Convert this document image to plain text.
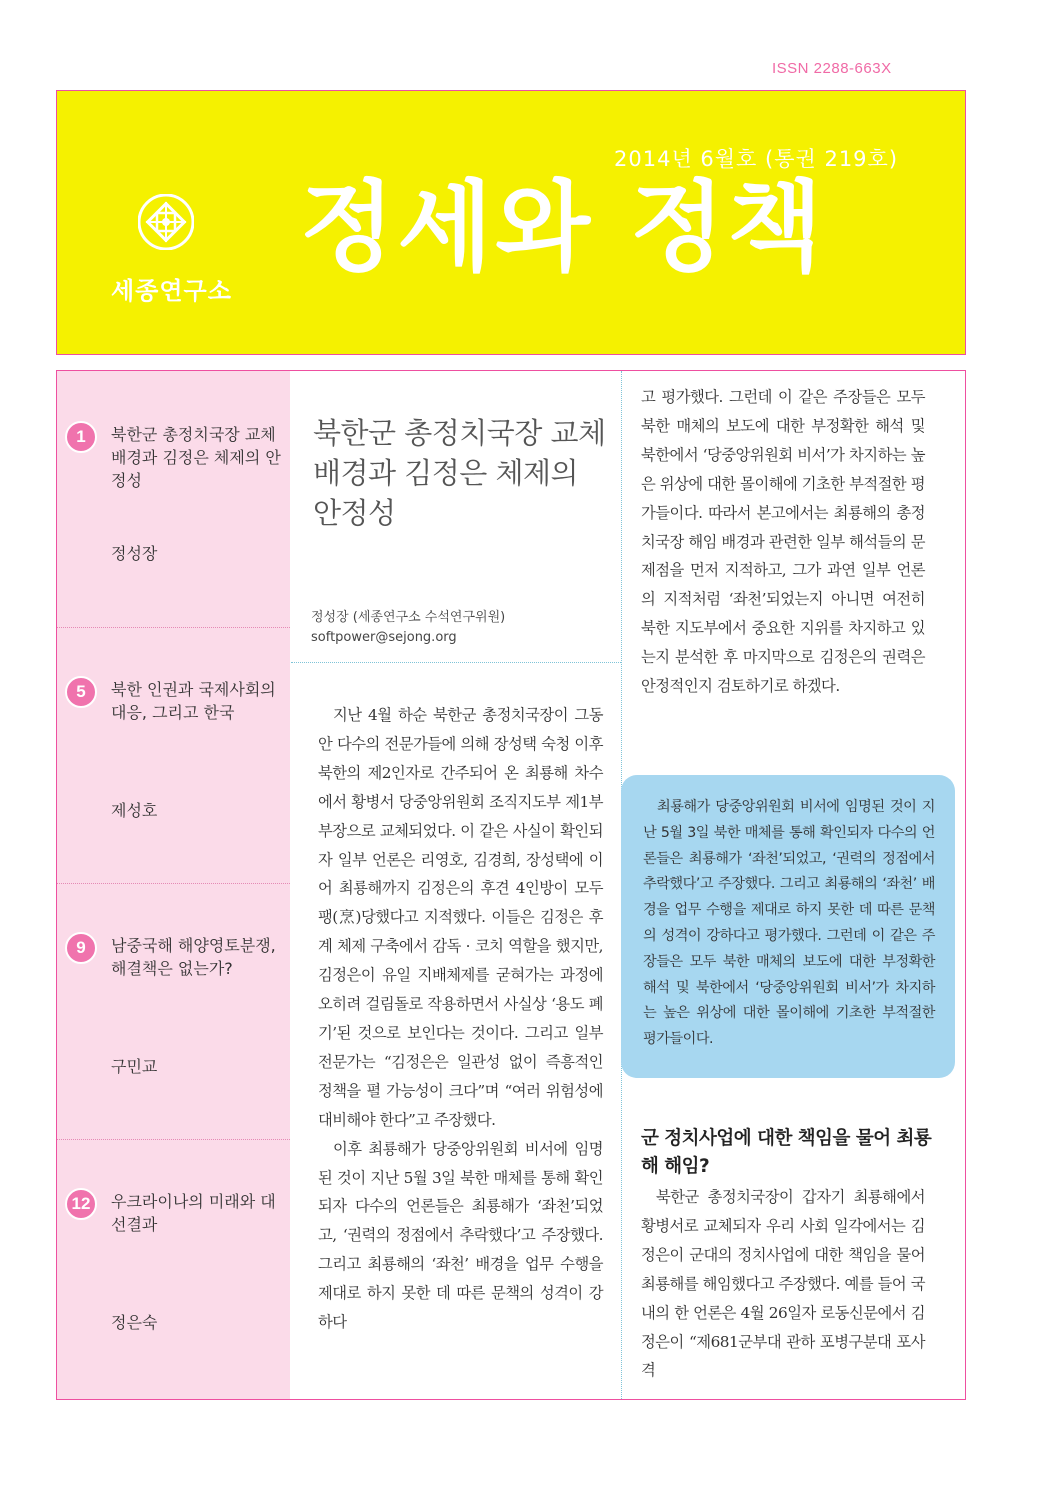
ISSN 2288-663X
세종연구소
2014년 6월호 (통권 219호)
정세와 정책
1	북한군 총정치국장 교체 배경과 김정은 체제의 안정성
정성장
5	북한 인권과 국제사회의 대응, 그리고 한국
제성호
9	남중국해 해양영토분쟁, 해결책은 없는가?
구민교
12	우크라이나의 미래와 대선결과
정은숙
북한군 총정치국장 교체 배경과 김정은 체제의 안정성
정성장 (세종연구소 수석연구위원)
softpower@sejong.org

지난 4월 하순 북한군 총정치국장이 그동안 다수의 전문가들에 의해 장성택 숙청 이후 북한의 제2인자로 간주되어 온 최룡해 차수에서 황병서 당중앙위원회 조직지도부 제1부부장으로 교체되었다. 이 같은 사실이 확인되자 일부 언론은 리영호, 김경희, 장성택에 이어 최룡해까지 김정은의 후견 4인방이 모두 팽(烹)당했다고 지적했다. 이들은 김정은 후계 체제 구축에서 감독 · 코치 역할을 했지만, 김정은이 유일 지배체제를 굳혀가는 과정에 오히려 걸림돌로 작용하면서 사실상 ‘용도 폐기’된 것으로 보인다는 것이다. 그리고 일부 전문가는 “김정은은 일관성 없이 즉흥적인 정책을 펼 가능성이 크다”며 “여러 위험성에 대비해야 한다”고 주장했다.

이후 최룡해가 당중앙위원회 비서에 임명된 것이 지난 5월 3일 북한 매체를 통해 확인되자 다수의 언론들은 최룡해가 ‘좌천’되었고, ‘권력의 정점에서 추락했다’고 주장했다. 그리고 최룡해의 ‘좌천’ 배경을 업무 수행을 제대로 하지 못한 데 따른 문책의 성격이 강하다

고 평가했다. 그런데 이 같은 주장들은 모두 북한 매체의 보도에 대한 부정확한 해석 및 북한에서 ‘당중앙위원회 비서’가 차지하는 높은 위상에 대한 몰이해에 기초한 부적절한 평가들이다. 따라서 본고에서는 최룡해의 총정치국장 해임 배경과 관련한 일부 해석들의 문제점을 먼저 지적하고, 그가 과연 일부 언론의 지적처럼 ‘좌천’되었는지 아니면 여전히 북한 지도부에서 중요한 지위를 차지하고 있는지 분석한 후 마지막으로 김정은의 권력은 안정적인지 검토하기로 하겠다.

최룡해가 당중앙위원회 비서에 임명된 것이 지난 5월 3일 북한 매체를 통해 확인되자 다수의 언론들은 최룡해가 ‘좌천’되었고, ‘권력의 정점에서 추락했다’고 주장했다. 그리고 최룡해의 ‘좌천’ 배경을 업무 수행을 제대로 하지 못한 데 따른 문책의 성격이 강하다고 평가했다. 그런데 이 같은 주장들은 모두 북한 매체의 보도에 대한 부정확한 해석 및 북한에서 ‘당중앙위원회 비서’가 차지하는 높은 위상에 대한 몰이해에 기초한 부적절한 평가들이다.
군 정치사업에 대한 책임을 물어 최룡해 해임?

북한군 총정치국장이 갑자기 최룡해에서 황병서로 교체되자 우리 사회 일각에서는 김정은이 군대의 정치사업에 대한 책임을 물어 최룡해를 해임했다고 주장했다. 예를 들어 국내의 한 언론은 4월 26일자 로동신문에서 김정은이 “제681군부대 관하 포병구분대 포사격
